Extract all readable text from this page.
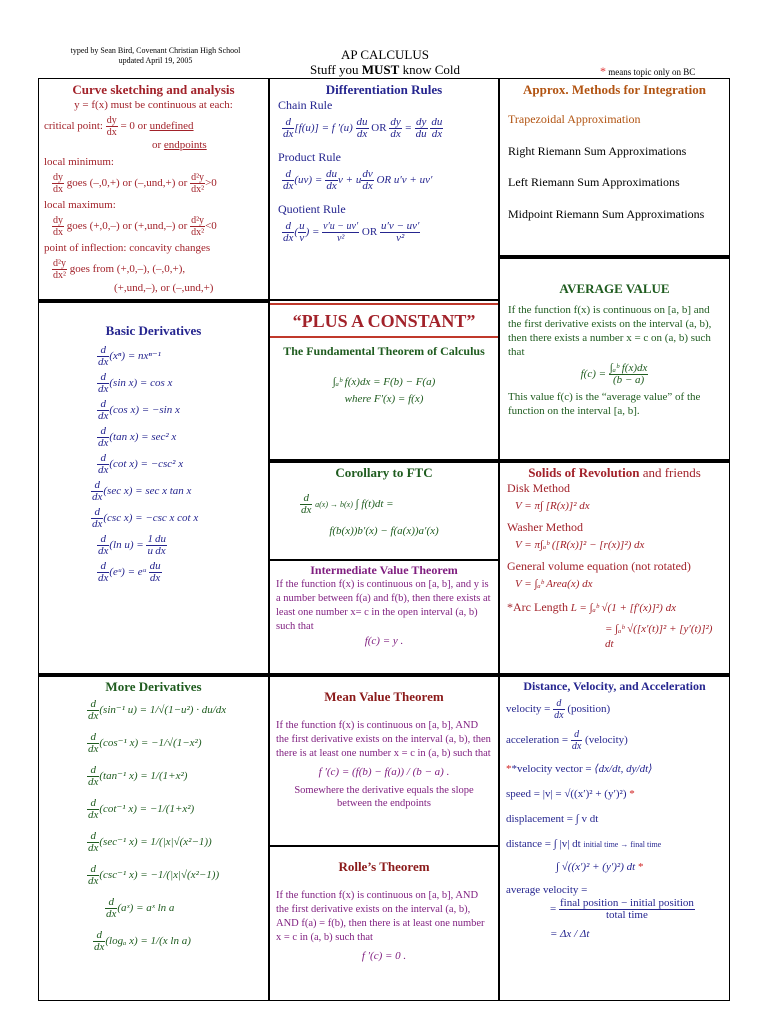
typed by Sean Bird, Covenant Christian High School
updated April 19, 2005	AP CALCULUS
Stuff you MUST know Cold	* means topic only on BC
Curve sketching and analysis
y = f(x) must be continuous at each:
critical point: $\frac{dy}{dx} = 0$ or undefined
or endpoints
local minimum:
$\frac{dy}{dx}$ goes (–,0,+) or (–,und,+) or $\frac{\text{d²y}}{\text{dx²}} >0$
local maximum:
$\frac{dy}{dx}$ goes (+,0,–) or (+,und,–) or $\frac{\text{d²y}}{\text{dx²}} <0$
point of inflection: concavity changes
$\frac{\text{d²y}}{\text{dx²}}$ goes from (+,0,–), (–,0,+),
(+,und,–), or (–,und,+)
Differentiation Rules
Chain Rule
$\frac{d}{dx} [f(u)] = f$ $'(u) \frac{du}{dx}$ OR $\frac{dy}{dx} = \frac{dy}{du}$
$\frac{du}{dx}$
Product Rule
$\frac{d}{dx} (uv) = \frac{du}{dx}$ v + u $\frac{dv}{dx}$ OR u′v + uv′
Quotient Rule
$\frac{d}{dx}$ ( $\frac{u}{v}$ ) = $\frac{v'u - uv'}{\text{v²}}$ OR $\frac{u'v - uv'}{\text{v²}}$
Approx. Methods for Integration
Trapezoidal Approximation
Right Riemann Sum Approximations
Left Riemann Sum Approximations
Midpoint Riemann Sum Approximations
AVERAGE VALUE
If the function f(x) is continuous on [a, b] and the first derivative exists on the interval (a, b), then there exists a number x = c on (a, b) such that
$f(c) = \frac{\text{∫ₐᵇ f(x)dx}}{(b - a)}$
This value f(c) is the “average value” of the function on the interval [a, b].
Basic Derivatives
$\frac{d}{dx} (x^n) = nx^{n-1}$
$\frac{d}{dx} (\sin$ x) = cos x
$\frac{d}{dx} (\cos$ x) = −sin x
$\frac{d}{dx} (\tan$ x) = sec² x
$\frac{d}{dx} (\cot$ x) = −csc² x
$\frac{d}{dx} (\sec$ x) = sec x tan x
$\frac{d}{dx} (\csc$ x) = −csc x cot x
$\frac{d}{dx} (\ln$ $u) = \frac{1}{u} \frac{du}{dx}$
$\frac{d}{dx}$ (eᵘ) = eᵘ $\frac{du}{dx}$
“PLUS A CONSTANT”
The Fundamental Theorem of Calculus
∫ₐᵇ f(x)dx = F(b) − F(a)
where F′(x) = f(x)
Corollary to FTC
$\frac{d}{dx} a(x) \to b(x)$ ∫ f(t)dt =
f(b(x))b′(x) − f(a(x))a′(x)
Intermediate Value Theorem
If the function f(x) is continuous on [a, b], and y is a number between f(a) and f(b), then there exists at least one number x= c in the open interval (a, b) such that
f(c) = y .
Solids of Revolution and friends
Disk Method
V = π∫ [R(x)]² dx
Washer Method
V = π∫ₐᵇ ([R(x)]² − [r(x)]²) dx
General volume equation (not rotated)
V = ∫ₐᵇ Area(x) dx
*Arc Length L = ∫ₐᵇ √(1 + [f′(x)]²) dx
= ∫ₐᵇ √([x′(t)]² + [y′(t)]²) dt
More Derivatives
$\frac{d}{dx} (\sin^{-1}$ u) = 1/√(1−u²) · du/dx
$\frac{d}{dx} (\cos^{-1}$ x) = −1/√(1−x²)
$\frac{d}{dx} (\tan^{-1}$ x) = 1/(1+x²)
$\frac{d}{dx} (\cot^{-1}$ x) = −1/(1+x²)
$\frac{d}{dx} (\sec^{-1}$ x) = 1/(|x|√(x²−1))
$\frac{d}{dx} (\csc^{-1}$ x) = −1/(|x|√(x²−1))
$\frac{d}{dx}$ (aˣ) = aˣ ln a
$\frac{d}{dx} (\log_a$ x) = 1/(x ln a)
Mean Value Theorem
If the function f(x) is continuous on [a, b], AND the first derivative exists on the interval (a, b), then there is at least one number x = c in (a, b) such that
f ′(c) = (f(b) − f(a)) / (b − a) .
Somewhere the derivative equals the slope between the endpoints
Rolle’s Theorem
If the function f(x) is continuous on [a, b], AND the first derivative exists on the interval (a, b), AND f(a) = f(b), then there is at least one number x = c in (a, b) such that
f ′(c) = 0 .
Distance, Velocity, and Acceleration
velocity = $\frac{d}{dx}$ (position)
acceleration = $\frac{d}{dx}$ (velocity)
**velocity vector = ⟨dx/dt, dy/dt⟩
speed = |v| = √((x′)² + (y′)²) *
displacement = ∫ v dt
distance = ∫ |v| dt initial time → final time
∫ √((x′)² + (y′)²) dt *
average velocity =
= $\frac{\text{final position − initial position}}{\text{total time}}$
= Δx / Δt
